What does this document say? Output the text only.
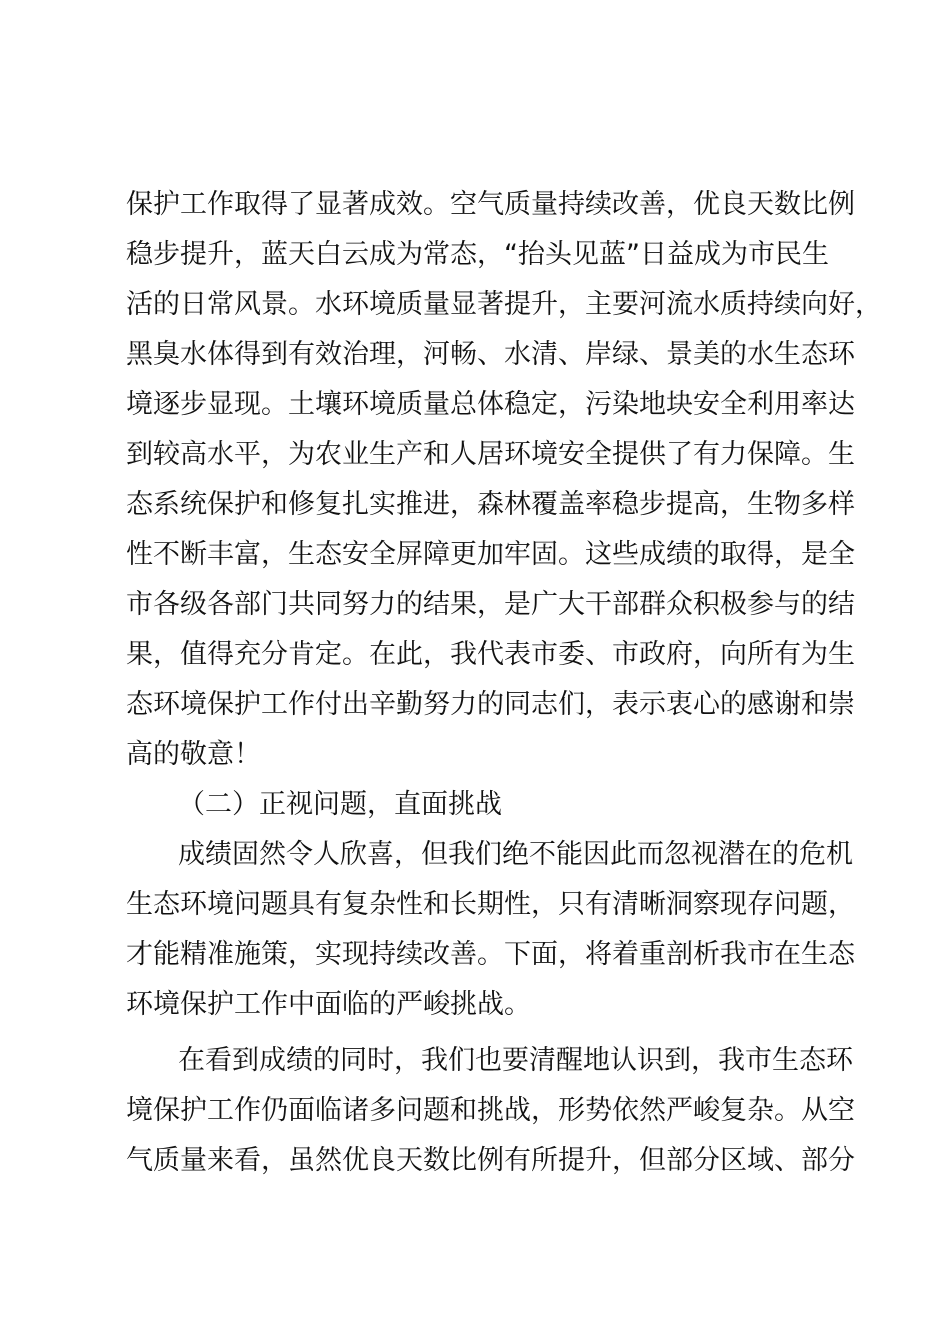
保护工作取得了显著成效。空气质量持续改善，优良天数比例
稳步提升，蓝天白云成为常态，“抬头见蓝”日益成为市民生
活的日常风景。水环境质量显著提升，主要河流水质持续向好，
黑臭水体得到有效治理，河畅、水清、岸绿、景美的水生态环
境逐步显现。土壤环境质量总体稳定，污染地块安全利用率达
到较高水平，为农业生产和人居环境安全提供了有力保障。生
态系统保护和修复扎实推进，森林覆盖率稳步提高，生物多样
性不断丰富，生态安全屏障更加牢固。这些成绩的取得，是全
市各级各部门共同努力的结果，是广大干部群众积极参与的结
果，值得充分肯定。在此，我代表市委、市政府，向所有为生
态环境保护工作付出辛勤努力的同志们，表示衷心的感谢和崇
高的敬意！
（二）正视问题，直面挑战
成绩固然令人欣喜，但我们绝不能因此而忽视潜在的危机
生态环境问题具有复杂性和长期性，只有清晰洞察现存问题，
才能精准施策，实现持续改善。下面，将着重剖析我市在生态
环境保护工作中面临的严峻挑战。
在看到成绩的同时，我们也要清醒地认识到，我市生态环
境保护工作仍面临诸多问题和挑战，形势依然严峻复杂。从空
气质量来看，虽然优良天数比例有所提升，但部分区域、部分
